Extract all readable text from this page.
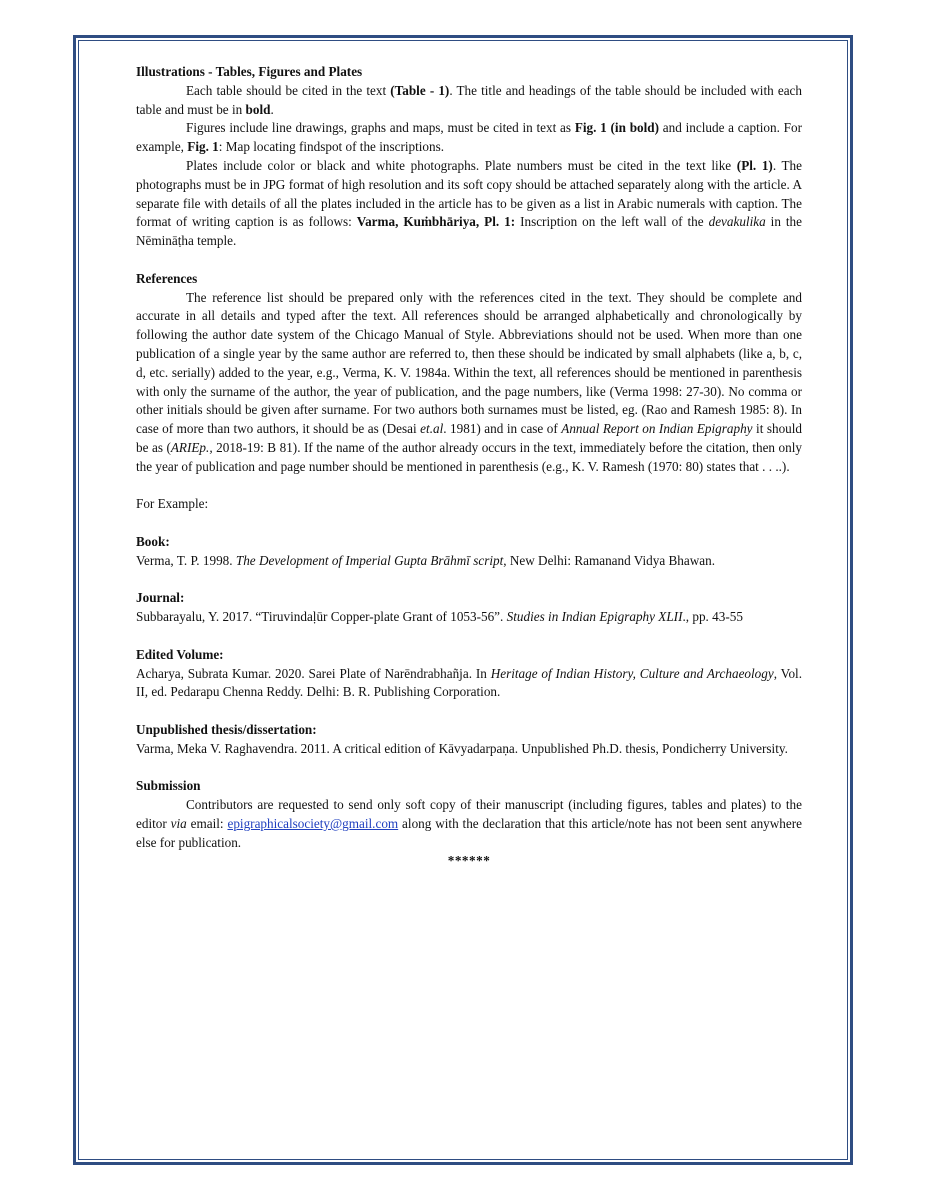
Illustrations - Tables, Figures and Plates

Each table should be cited in the text (Table - 1). The title and headings of the table should be included with each table and must be in bold.

Figures include line drawings, graphs and maps, must be cited in text as Fig. 1 (in bold) and include a caption. For example, Fig. 1: Map locating findspot of the inscriptions.

Plates include color or black and white photographs. Plate numbers must be cited in the text like (Pl. 1). The photographs must be in JPG format of high resolution and its soft copy should be attached separately along with the article. A separate file with details of all the plates included in the article has to be given as a list in Arabic numerals with caption. The format of writing caption is as follows: Varma, Kuṁbhāriya, Pl. 1: Inscription on the left wall of the devakulika in the Nēmināṭha temple.

References

The reference list should be prepared only with the references cited in the text. They should be complete and accurate in all details and typed after the text. All references should be arranged alphabetically and chronologically by following the author date system of the Chicago Manual of Style. Abbreviations should not be used. When more than one publication of a single year by the same author are referred to, then these should be indicated by small alphabets (like a, b, c, d, etc. serially) added to the year, e.g., Verma, K. V. 1984a. Within the text, all references should be mentioned in parenthesis with only the surname of the author, the year of publication, and the page numbers, like (Verma 1998: 27-30). No comma or other initials should be given after surname. For two authors both surnames must be listed, eg. (Rao and Ramesh 1985: 8). In case of more than two authors, it should be as (Desai et.al. 1981) and in case of Annual Report on Indian Epigraphy it should be as (ARIEp., 2018-19: B 81). If the name of the author already occurs in the text, immediately before the citation, then only the year of publication and page number should be mentioned in parenthesis (e.g., K. V. Ramesh (1970: 80) states that . . ..).

For Example:

Book:

Verma, T. P. 1998. The Development of Imperial Gupta Brāhmī script, New Delhi: Ramanand Vidya Bhawan.

Journal:

Subbarayalu, Y. 2017. “Tiruvindaḷūr Copper-plate Grant of 1053-56”. Studies in Indian Epigraphy XLII., pp. 43-55

Edited Volume:

Acharya, Subrata Kumar. 2020. Sarei Plate of Narēndrabhañja. In Heritage of Indian History, Culture and Archaeology, Vol. II, ed. Pedarapu Chenna Reddy. Delhi: B. R. Publishing Corporation.

Unpublished thesis/dissertation:

Varma, Meka V. Raghavendra. 2011. A critical edition of Kāvyadarpaṇa. Unpublished Ph.D. thesis, Pondicherry University.

Submission

Contributors are requested to send only soft copy of their manuscript (including figures, tables and plates) to the editor via email: epigraphicalsociety@gmail.com along with the declaration that this article/note has not been sent anywhere else for publication.

******
